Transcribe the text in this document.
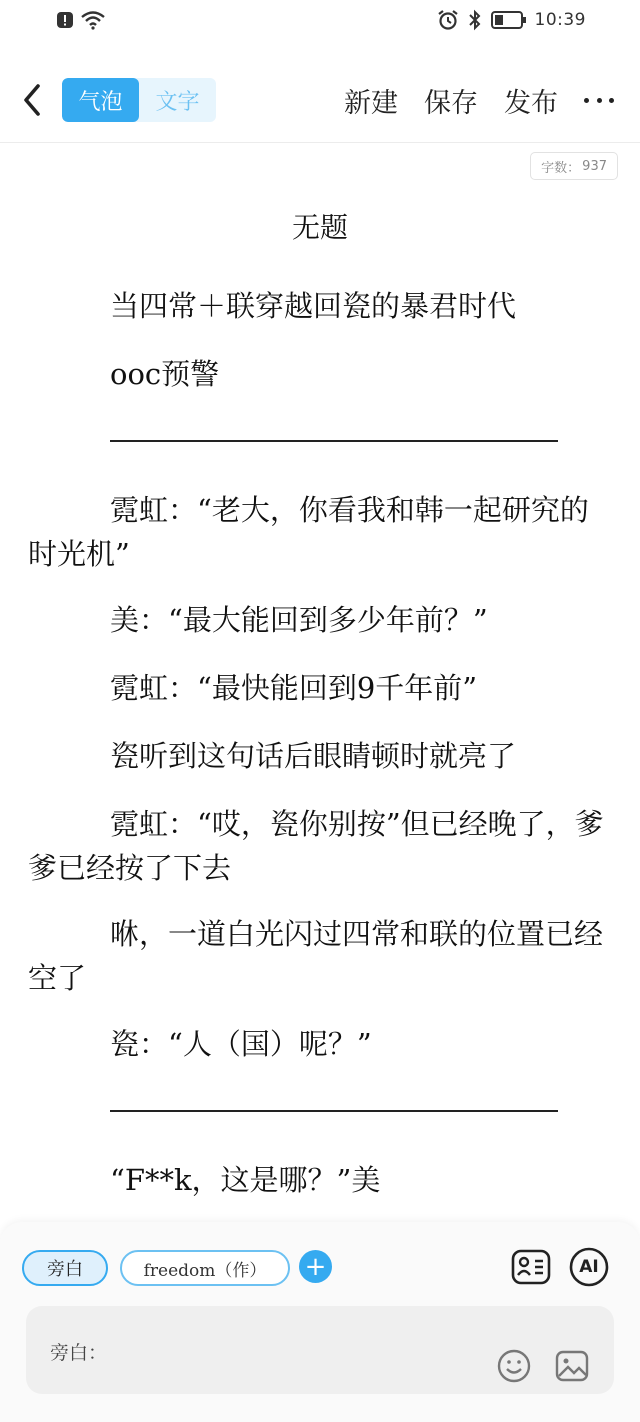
10:39
气泡	文字	新建 保存 发布
字数： 937
无题
当四常＋联穿越回瓷的暴君时代
ooc预警
霓虹：“老大，你看我和韩一起研究的时光机”
美：“最大能回到多少年前？”
霓虹：“最快能回到9千年前”
瓷听到这句话后眼睛顿时就亮了
霓虹：“哎，瓷你别按”但已经晚了，爹爹已经按了下去
咻，一道白光闪过四常和联的位置已经空了
瓷：“人（国）呢？”
“F**k，这是哪？”美
旁白	freedom（作）	+	AI
旁白：
